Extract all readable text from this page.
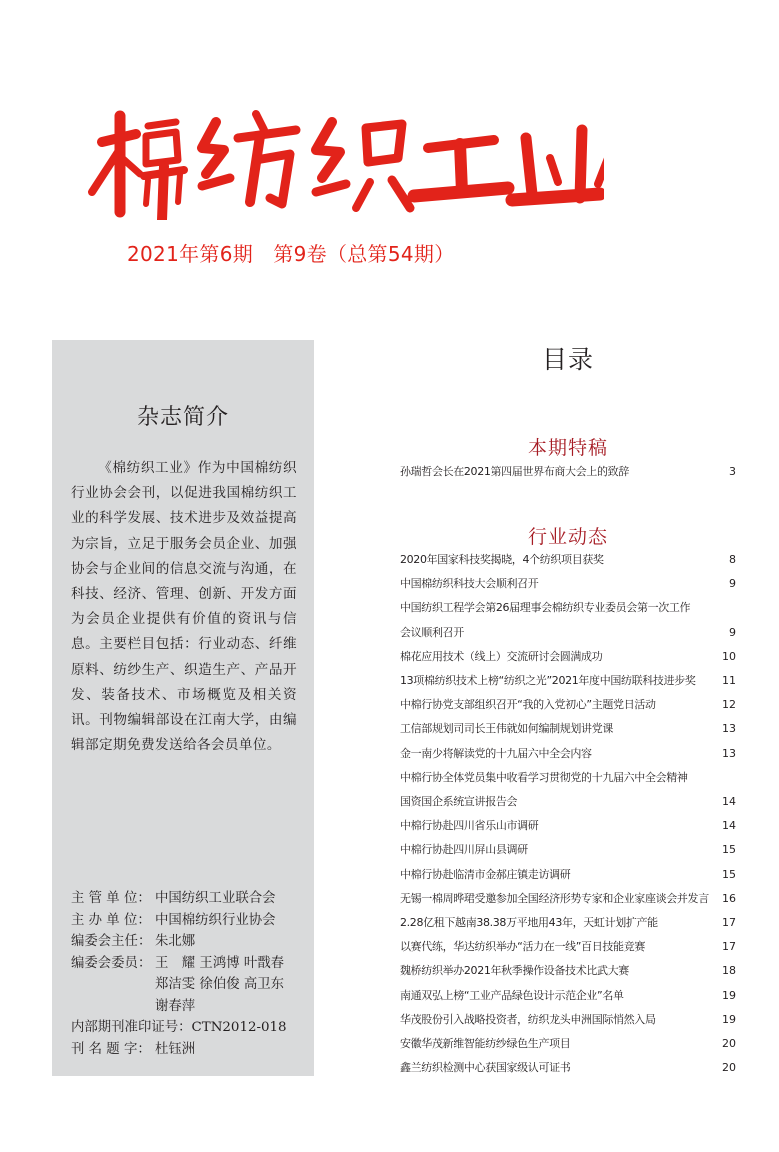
2021年第6期　第9卷（总第54期）
杂志简介
《棉纺织工业》作为中国棉纺织行业协会会刊，以促进我国棉纺织工业的科学发展、技术进步及效益提高为宗旨，立足于服务会员企业、加强协会与企业间的信息交流与沟通，在科技、经济、管理、创新、开发方面为会员企业提供有价值的资讯与信息。主要栏目包括：行业动态、纤维原料、纺纱生产、织造生产、产品开发、装备技术、市场概览及相关资讯。刊物编辑部设在江南大学，由编辑部定期免费发送给各会员单位。
主 管 单 位： 中国纺织工业联合会
主 办 单 位： 中国棉纺织行业协会
编委会主任： 朱北娜
编委会委员： 王　耀 王鸿博 叶戬春
郑洁雯 徐伯俊 高卫东
谢春萍
内部期刊准印证号： CTN2012-018
刊 名 题 字： 杜钰洲
目录
本期特稿
孙瑞哲会长在2021第四届世界布商大会上的致辞	3
行业动态
2020年国家科技奖揭晓，4个纺织项目获奖	8
中国棉纺织科技大会顺利召开	9
中国纺织工程学会第26届理事会棉纺织专业委员会第一次工作
会议顺利召开	9
棉花应用技术（线上）交流研讨会圆满成功	10
13项棉纺织技术上榜“纺织之光”2021年度中国纺联科技进步奖	11
中棉行协党支部组织召开“我的入党初心”主题党日活动	12
工信部规划司司长王伟就如何编制规划讲党课	13
金一南少将解读党的十九届六中全会内容	13
中棉行协全体党员集中收看学习贯彻党的十九届六中全会精神
国资国企系统宣讲报告会	14
中棉行协赴四川省乐山市调研	14
中棉行协赴四川屏山县调研	15
中棉行协赴临清市金郝庄镇走访调研	15
无锡一棉周晔珺受邀参加全国经济形势专家和企业家座谈会并发言	16
2.28亿租下越南38.38万平地用43年，天虹计划扩产能	17
以赛代练，华达纺织举办“活力在一线”百日技能竞赛	17
魏桥纺织举办2021年秋季操作设备技术比武大赛	18
南通双弘上榜“工业产品绿色设计示范企业”名单	19
华茂股份引入战略投资者，纺织龙头申洲国际悄然入局	19
安徽华茂新维智能纺纱绿色生产项目	20
鑫兰纺织检测中心获国家级认可证书	20
